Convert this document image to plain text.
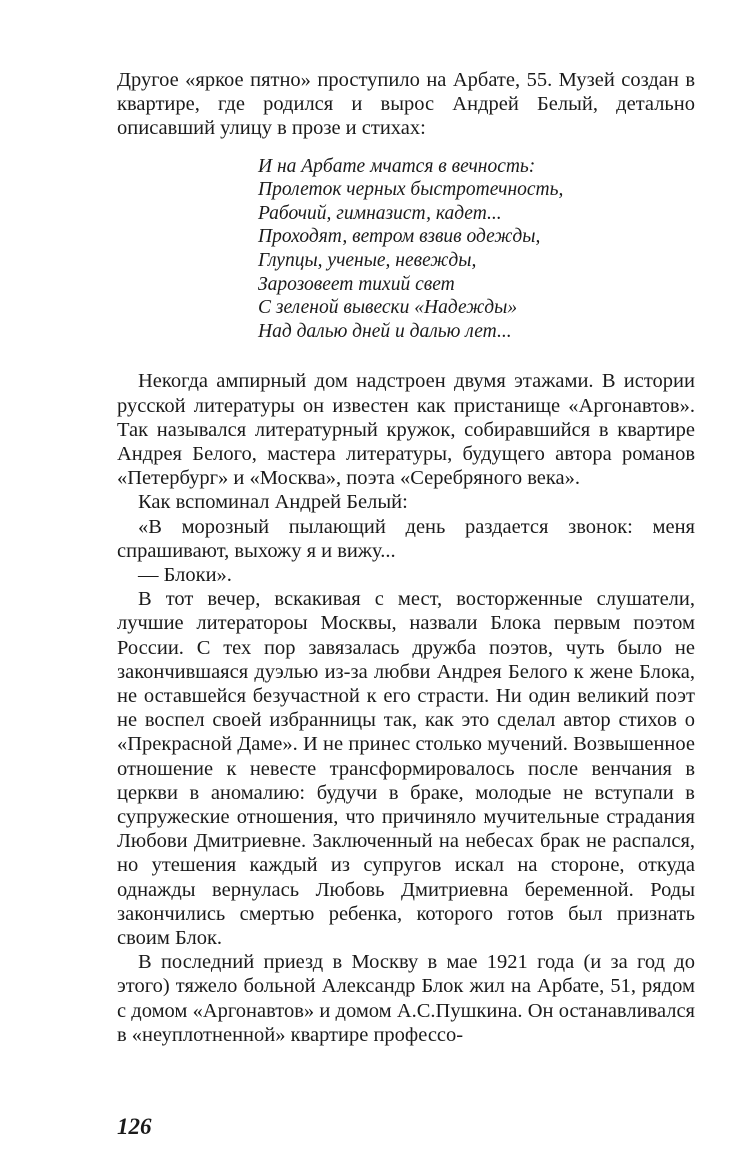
Другое «яркое пятно» проступило на Арбате, 55. Музей создан в квартире, где родился и вырос Андрей Белый, детально описавший улицу в прозе и стихах:

И на Арбате мчатся в вечность:
Пролеток черных быстротечность,
Рабочий, гимназист, кадет...
Проходят, ветром взвив одежды,
Глупцы, ученые, невежды,
Зарозовеет тихий свет
С зеленой вывески «Надежды»
Над далью дней и далью лет...

Некогда ампирный дом надстроен двумя этажами. В истории русской литературы он известен как пристанище «Аргонавтов». Так назывался литературный кружок, собиравшийся в квартире Андрея Белого, мастера литературы, будущего автора романов «Петербург» и «Москва», поэта «Серебряного века».

Как вспоминал Андрей Белый:

«В морозный пылающий день раздается звонок: меня спрашивают, выхожу я и вижу...

— Блоки».

В тот вечер, вскакивая с мест, восторженные слушатели, лучшие литератороы Москвы, назвали Блока первым поэтом России. С тех пор завязалась дружба поэтов, чуть было не закончившаяся дуэлью из-за любви Андрея Белого к жене Блока, не оставшейся безучастной к его страсти. Ни один великий поэт не воспел своей избранницы так, как это сделал автор стихов о «Прекрасной Даме». И не принес столько мучений. Возвышенное отношение к невесте трансформировалось после венчания в церкви в аномалию: будучи в браке, молодые не вступали в супружеские отношения, что причиняло мучительные страдания Любови Дмитриевне. Заключенный на небесах брак не распался, но утешения каждый из супругов искал на стороне, откуда однажды вернулась Любовь Дмитриевна беременной. Роды закончились смертью ребенка, которого готов был признать своим Блок.

В последний приезд в Москву в мае 1921 года (и за год до этого) тяжело больной Александр Блок жил на Арбате, 51, рядом с домом «Аргонавтов» и домом А.С.Пушкина. Он останавливался в «неуплотненной» квартире профессо-

126
